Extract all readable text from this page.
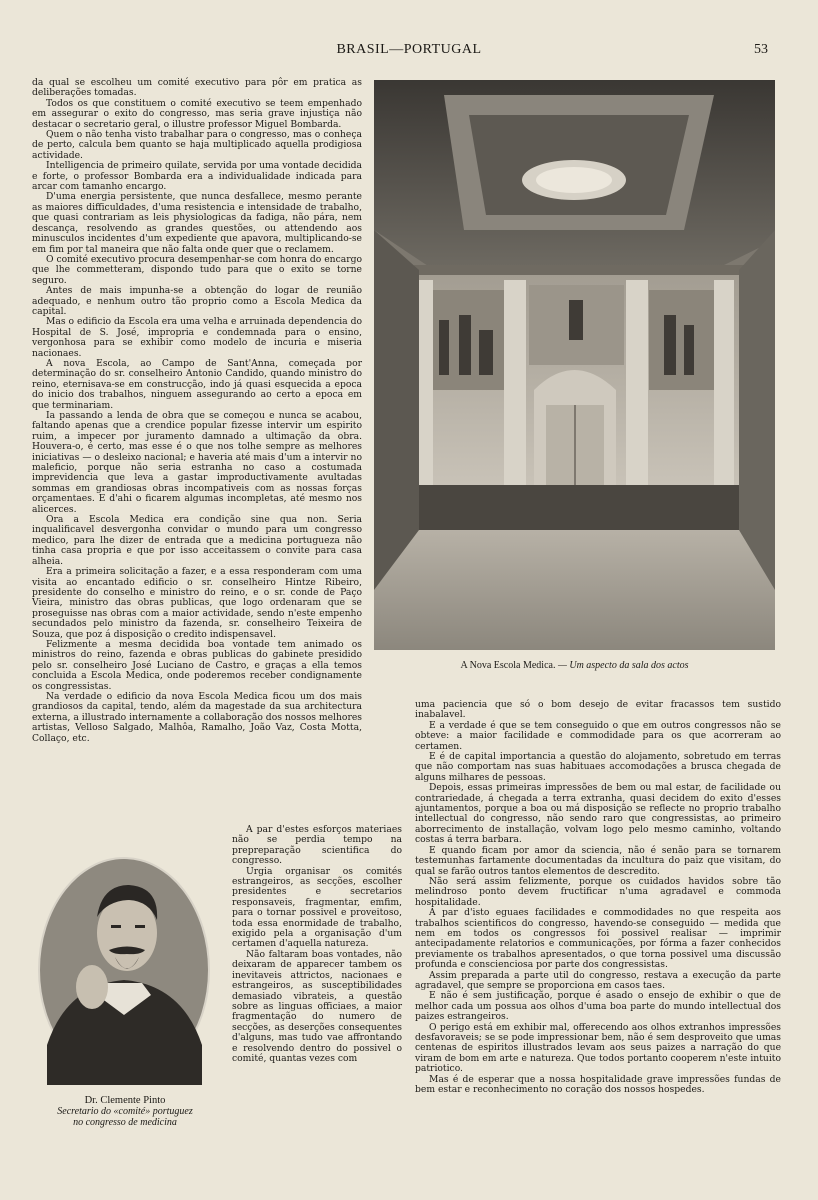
BRASIL—PORTUGAL	53

da qual se escolheu um comité executivo para pôr em pratica as deliberações tomadas.

Todos os que constituem o comité executivo se teem empenhado em assegurar o exito do congresso, mas seria grave injustiça não destacar o secretario geral, o illustre professor Miguel Bombarda.

Quem o não tenha visto trabalhar para o congresso, mas o conheça de perto, calcula bem quanto se haja multiplicado aquella prodigiosa actividade.

Intelligencia de primeiro quilate, servida por uma vontade decidida e forte, o professor Bombarda era a individualidade indicada para arcar com tamanho encargo.

D'uma energia persistente, que nunca desfallece, mesmo perante as maiores difficuldades, d'uma resistencia e intensidade de trabalho, que quasi contrariam as leis physiologicas da fadiga, não pára, nem descança, resolvendo as grandes questões, ou attendendo aos minusculos incidentes d'um expediente que apavora, multiplicando-se em fim por tal maneira que não falta onde quer que o reclamem.

O comité executivo procura desempenhar-se com honra do encargo que lhe commetteram, dispondo tudo para que o exito se torne seguro.

Antes de mais impunha-se a obtenção do logar de reunião adequado, e nenhum outro tão proprio como a Escola Medica da capital.

Mas o edificio da Escola era uma velha e arruinada dependencia do Hospital de S. José, impropria e condemnada para o ensino, vergonhosa para se exhibir como modelo de incuria e miseria nacionaes.

A nova Escola, ao Campo de Sant'Anna, começada por determinação do sr. conselheiro Antonio Candido, quando ministro do reino, eternisava-se em construcção, indo já quasi esquecida a epoca do inicio dos trabalhos, ninguem assegurando ao certo a epoca em que terminariam.

Ia passando a lenda de obra que se começou e nunca se acabou, faltando apenas que a crendice popular fizesse intervir um espirito ruim, a impecer por juramento damnado a ultimação da obra. Houvera-o, é certo, mas esse é o que nos tolhe sempre as melhores iniciativas — o desleixo nacional; e haveria até mais d'um a intervir no maleficio, porque não seria estranha no caso a costumada imprevidencia que leva a gastar improductivamente avultadas sommas em grandiosas obras incompativeis com as nossas forças orçamentaes. E d'ahi o ficarem algumas incompletas, até mesmo nos alicerces.

Ora a Escola Medica era condição sine qua non. Seria inqualificavel desvergonha convidar o mundo para um congresso medico, para lhe dizer de entrada que a medicina portugueza não tinha casa propria e que por isso acceitassem o convite para casa alheia.

Era a primeira solicitação a fazer, e a essa responderam com uma visita ao encantado edificio o sr. conselheiro Hintze Ribeiro, presidente do conselho e ministro do reino, e o sr. conde de Paço Vieira, ministro das obras publicas, que logo ordenaram que se proseguisse nas obras com a maior actividade, sendo n'este empenho secundados pelo ministro da fazenda, sr. conselheiro Teixeira de Souza, que poz á disposição o credito indispensavel.

Felizmente a mesma decidida boa vontade tem animado os ministros do reino, fazenda e obras publicas do gabinete presidido pelo sr. conselheiro José Luciano de Castro, e graças a ella temos concluida a Escola Medica, onde poderemos receber condignamente os congressistas.

Na verdade o edificio da nova Escola Medica ficou um dos mais grandiosos da capital, tendo, além da magestade da sua architectura externa, a illustrado internamente a collaboração dos nossos melhores artistas, Velloso Salgado, Malhôa, Ramalho, João Vaz, Costa Motta, Collaço, etc.

A par d'estes esforços materiaes não se perdia tempo na prepreparação scientifica do congresso.

Urgia organisar os comités estrangeiros, as secções, escolher presidentes e secretarios responsaveis, fragmentar, emfim, para o tornar possivel e proveitoso, toda essa enormidade de trabalho, exigido pela a organisação d'um certamen d'aquella natureza.

Não faltaram boas vontades, não deixaram de apparecer tambem os inevitaveis attrictos, nacionaes e estrangeiros, as susceptibilidades demasiado vibrateis, a questão sobre as linguas officiaes, a maior fragmentação do numero de secções, as deserções consequentes d'alguns, mas tudo vae affrontando e resolvendo dentro do possivel o comité, quantas vezes com

A Nova Escola Medica. — Um aspecto da sala dos actos
Dr. Clemente Pinto
Secretario do «comité» portuguez
no congresso de medicina

uma paciencia que só o bom desejo de evitar fracassos tem sustido inabalavel.

E a verdade é que se tem conseguido o que em outros congressos não se obteve: a maior facilidade e commodidade para os que acorreram ao certamen.

E é de capital importancia a questão do alojamento, sobretudo em terras que não comportam nas suas habituaes accomodações a brusca chegada de alguns milhares de pessoas.

Depois, essas primeiras impressões de bem ou mal estar, de facilidade ou contrariedade, á chegada a terra extranha, quasi decidem do exito d'esses ajuntamentos, porque a boa ou má disposição se reflecte no proprio trabalho intellectual do congresso, não sendo raro que congressistas, ao primeiro aborrecimento de installação, volvam logo pelo mesmo caminho, voltando costas á terra barbara.

E quando ficam por amor da sciencia, não é senão para se tornarem testemunhas fartamente documentadas da incultura do paiz que visitam, do qual se farão outros tantos elementos de descredito.

Não será assim felizmente, porque os cuidados havidos sobre tão melindroso ponto devem fructificar n'uma agradavel e commoda hospitalidade.

A par d'isto eguaes facilidades e commodidades no que respeita aos trabalhos scientificos do congresso, havendo-se conseguido — medida que nem em todos os congressos foi possivel realisar — imprimir antecipadamente relatorios e communicações, por fórma a fazer conhecidos previamente os trabalhos apresentados, o que torna possivel uma discussão profunda e conscienciosa por parte dos congressistas.

Assim preparada a parte util do congresso, restava a execução da parte agradavel, que sempre se proporciona em casos taes.

E não é sem justificação, porque é asado o ensejo de exhibir o que de melhor cada um possua aos olhos d'uma boa parte do mundo intellectual dos paizes estrangeiros.

O perigo está em exhibir mal, offerecendo aos olhos extranhos impressões desfavoraveis; se se pode impressionar bem, não é sem desproveito que umas centenas de espiritos illustrados levam aos seus paizes a narração do que viram de bom em arte e natureza. Que todos portanto cooperem n'este intuito patriotico.

Mas é de esperar que a nossa hospitalidade grave impressões fundas de bem estar e reconhecimento no coração dos nossos hospedes.
